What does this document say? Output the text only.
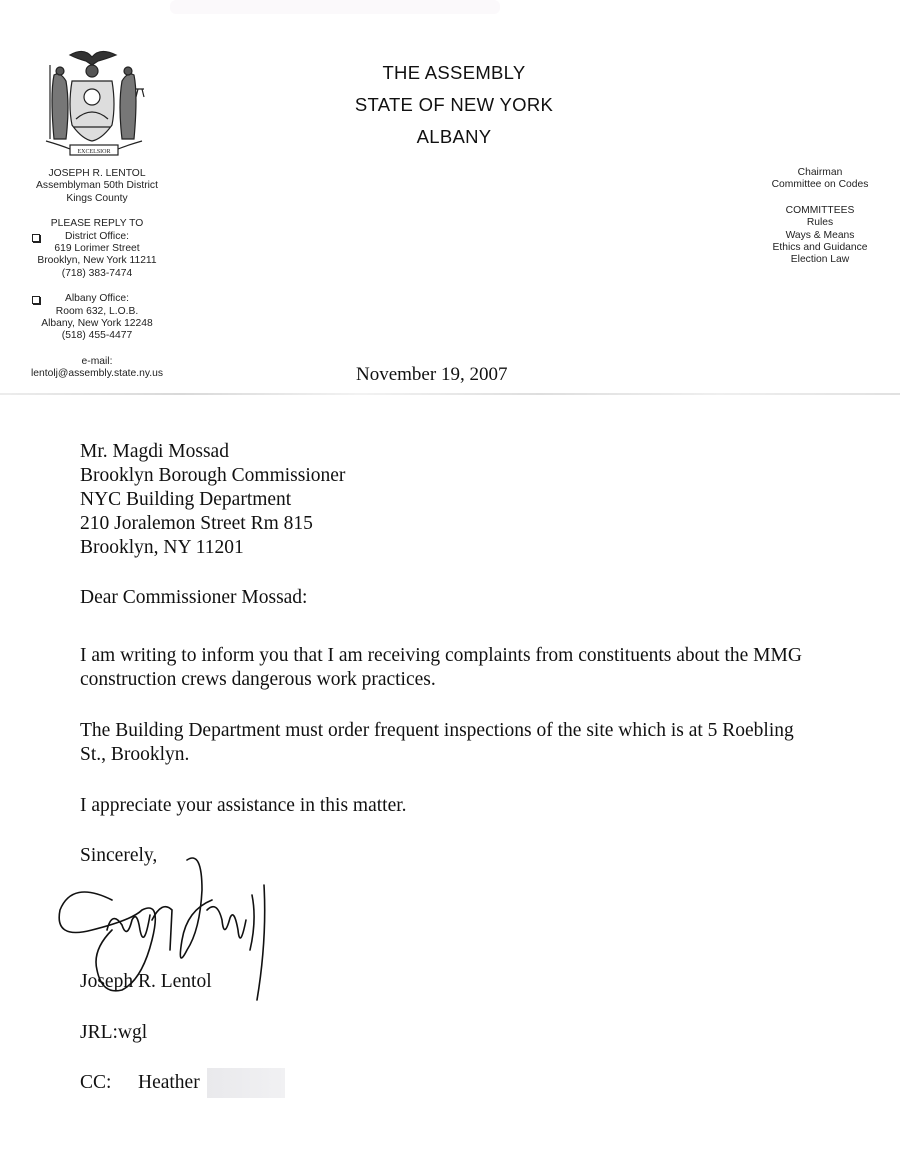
EXCELSIOR
JOSEPH R. LENTOL
Assemblyman 50th District
Kings County
PLEASE REPLY TO
District Office:
619 Lorimer Street
Brooklyn, New York 11211
(718) 383-7474
Albany Office:
Room 632, L.O.B.
Albany, New York 12248
(518) 455-4477
e-mail:
lentolj@assembly.state.ny.us
THE ASSEMBLY
STATE OF NEW YORK
ALBANY
Chairman
Committee on Codes
COMMITTEES
Rules
Ways & Means
Ethics and Guidance
Election Law
November 19, 2007
Mr. Magdi Mossad
Brooklyn Borough Commissioner
NYC Building Department
210 Joralemon Street Rm 815
Brooklyn, NY 11201
Dear Commissioner Mossad:
I am writing to inform you that I am receiving complaints from constituents about the MMG construction crews dangerous work practices.
The Building Department must order frequent inspections of the site which is at 5 Roebling St., Brooklyn.
I appreciate your assistance in this matter.
Sincerely,
Joseph R. Lentol
JRL:wgl
CC: Heather
